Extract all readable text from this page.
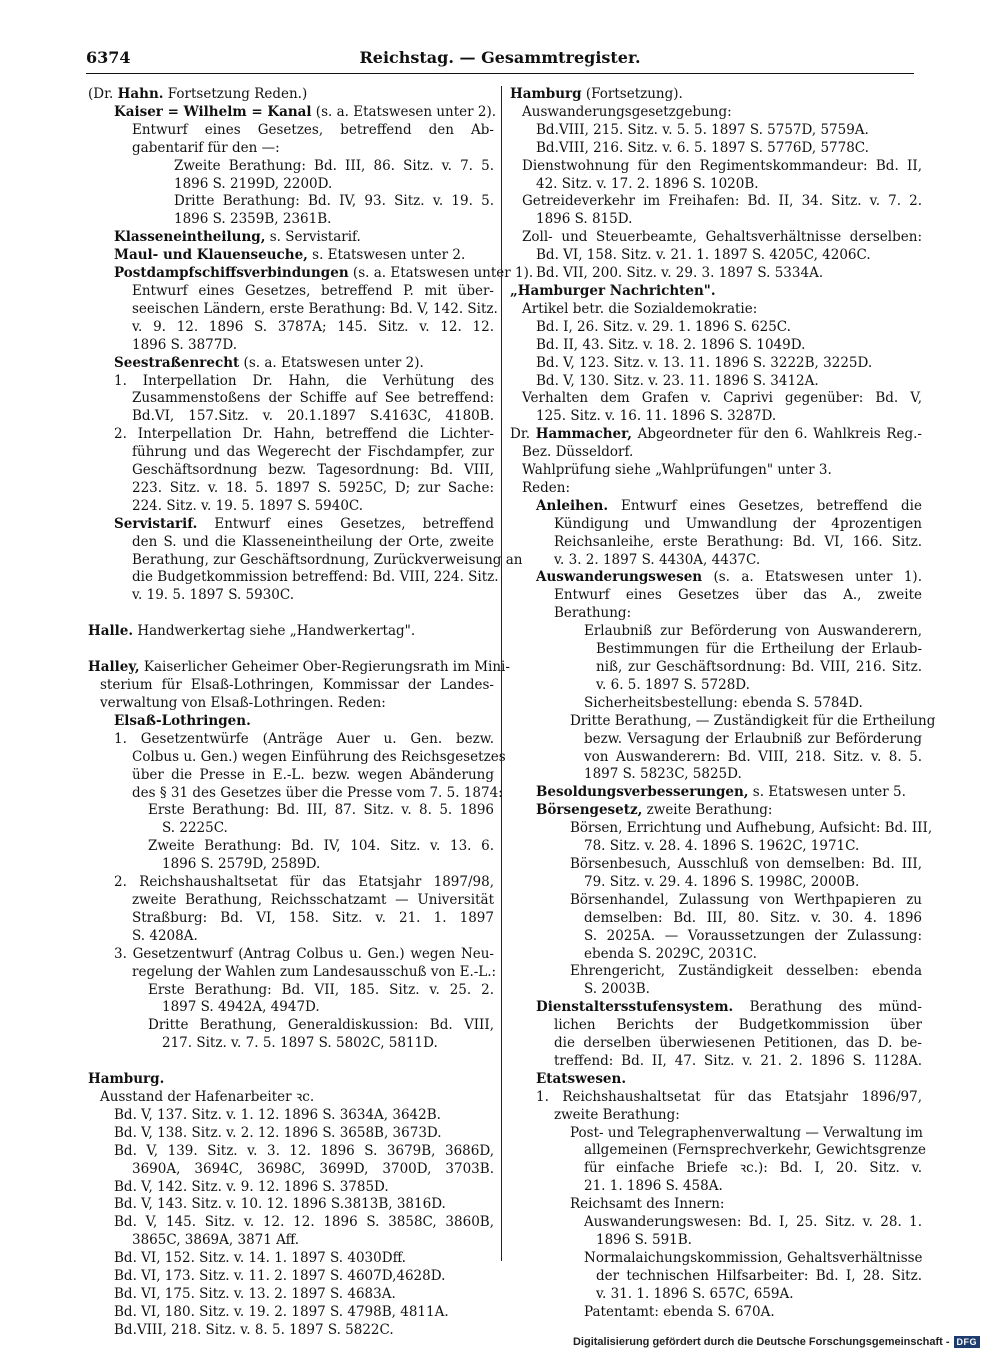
6374	Reichstag. — Gesammtregister.
(Dr. Hahn. Fortsetzung Reden.)
Kaiser = Wilhelm = Kanal (s. a. Etatswesen unter 2).
Entwurf eines Gesetzes, betreffend den Ab-
gabentarif für den —:
Zweite Berathung: Bd. III, 86. Sitz. v. 7. 5.
1896 S. 2199D, 2200D.
Dritte Berathung: Bd. IV, 93. Sitz. v. 19. 5.
1896 S. 2359B, 2361B.
Klasseneintheilung, s. Servistarif.
Maul- und Klauenseuche, s. Etatswesen unter 2.
Postdampfschiffsverbindungen (s. a. Etatswesen unter 1).
Entwurf eines Gesetzes, betreffend P. mit über-
seeischen Ländern, erste Berathung: Bd. V, 142. Sitz.
v. 9. 12. 1896 S. 3787A; 145. Sitz. v. 12. 12.
1896 S. 3877D.
Seestraßenrecht (s. a. Etatswesen unter 2).
1. Interpellation Dr. Hahn, die Verhütung des
Zusammenstoßens der Schiffe auf See betreffend:
Bd.VI, 157.Sitz. v. 20.1.1897 S.4163C, 4180B.
2. Interpellation Dr. Hahn, betreffend die Lichter-
führung und das Wegerecht der Fischdampfer, zur
Geschäftsordnung bezw. Tagesordnung: Bd. VIII,
223. Sitz. v. 18. 5. 1897 S. 5925C, D; zur Sache:
224. Sitz. v. 19. 5. 1897 S. 5940C.
Servistarif. Entwurf eines Gesetzes, betreffend
den S. und die Klasseneintheilung der Orte, zweite
Berathung, zur Geschäftsordnung, Zurückverweisung an
die Budgetkommission betreffend: Bd. VIII, 224. Sitz.
v. 19. 5. 1897 S. 5930C.
Halle. Handwerkertag siehe „Handwerkertag".
Halley, Kaiserlicher Geheimer Ober-Regierungsrath im Mini-
sterium für Elsaß-Lothringen, Kommissar der Landes-
verwaltung von Elsaß-Lothringen. Reden:
Elsaß-Lothringen.
1. Gesetzentwürfe (Anträge Auer u. Gen. bezw.
Colbus u. Gen.) wegen Einführung des Reichsgesetzes
über die Presse in E.-L. bezw. wegen Abänderung
des § 31 des Gesetzes über die Presse vom 7. 5. 1874:
Erste Berathung: Bd. III, 87. Sitz. v. 8. 5. 1896
S. 2225C.
Zweite Berathung: Bd. IV, 104. Sitz. v. 13. 6.
1896 S. 2579D, 2589D.
2. Reichshaushaltsetat für das Etatsjahr 1897/98,
zweite Berathung, Reichsschatzamt — Universität
Straßburg: Bd. VI, 158. Sitz. v. 21. 1. 1897
S. 4208A.
3. Gesetzentwurf (Antrag Colbus u. Gen.) wegen Neu-
regelung der Wahlen zum Landesausschuß von E.-L.:
Erste Berathung: Bd. VII, 185. Sitz. v. 25. 2.
1897 S. 4942A, 4947D.
Dritte Berathung, Generaldiskussion: Bd. VIII,
217. Sitz. v. 7. 5. 1897 S. 5802C, 5811D.
Hamburg.
Ausstand der Hafenarbeiter ꝛc.
Bd. V, 137. Sitz. v. 1. 12. 1896 S. 3634A, 3642B.
Bd. V, 138. Sitz. v. 2. 12. 1896 S. 3658B, 3673D.
Bd. V, 139. Sitz. v. 3. 12. 1896 S. 3679B, 3686D,
3690A, 3694C, 3698C, 3699D, 3700D, 3703B.
Bd. V, 142. Sitz. v. 9. 12. 1896 S. 3785D.
Bd. V, 143. Sitz. v. 10. 12. 1896 S.3813B, 3816D.
Bd. V, 145. Sitz. v. 12. 12. 1896 S. 3858C, 3860B,
3865C, 3869A, 3871 Aff.
Bd. VI, 152. Sitz. v. 14. 1. 1897 S. 4030Dff.
Bd. VI, 173. Sitz. v. 11. 2. 1897 S. 4607D,4628D.
Bd. VI, 175. Sitz. v. 13. 2. 1897 S. 4683A.
Bd. VI, 180. Sitz. v. 19. 2. 1897 S. 4798B, 4811A.
Bd.VIII, 218. Sitz. v. 8. 5. 1897 S. 5822C.
Hamburg (Fortsetzung).
Auswanderungsgesetzgebung:
Bd.VIII, 215. Sitz. v. 5. 5. 1897 S. 5757D, 5759A.
Bd.VIII, 216. Sitz. v. 6. 5. 1897 S. 5776D, 5778C.
Dienstwohnung für den Regimentskommandeur: Bd. II,
42. Sitz. v. 17. 2. 1896 S. 1020B.
Getreideverkehr im Freihafen: Bd. II, 34. Sitz. v. 7. 2.
1896 S. 815D.
Zoll- und Steuerbeamte, Gehaltsverhältnisse derselben:
Bd. VI, 158. Sitz. v. 21. 1. 1897 S. 4205C, 4206C.
Bd. VII, 200. Sitz. v. 29. 3. 1897 S. 5334A.
„Hamburger Nachrichten".
Artikel betr. die Sozialdemokratie:
Bd. I, 26. Sitz. v. 29. 1. 1896 S. 625C.
Bd. II, 43. Sitz. v. 18. 2. 1896 S. 1049D.
Bd. V, 123. Sitz. v. 13. 11. 1896 S. 3222B, 3225D.
Bd. V, 130. Sitz. v. 23. 11. 1896 S. 3412A.
Verhalten dem Grafen v. Caprivi gegenüber: Bd. V,
125. Sitz. v. 16. 11. 1896 S. 3287D.
Dr. Hammacher, Abgeordneter für den 6. Wahlkreis Reg.-
Bez. Düsseldorf.
Wahlprüfung siehe „Wahlprüfungen" unter 3.
Reden:
Anleihen. Entwurf eines Gesetzes, betreffend die
Kündigung und Umwandlung der 4prozentigen
Reichsanleihe, erste Berathung: Bd. VI, 166. Sitz.
v. 3. 2. 1897 S. 4430A, 4437C.
Auswanderungswesen (s. a. Etatswesen unter 1).
Entwurf eines Gesetzes über das A., zweite
Berathung:
Erlaubniß zur Beförderung von Auswanderern,
Bestimmungen für die Ertheilung der Erlaub-
niß, zur Geschäftsordnung: Bd. VIII, 216. Sitz.
v. 6. 5. 1897 S. 5728D.
Sicherheitsbestellung: ebenda S. 5784D.
Dritte Berathung, — Zuständigkeit für die Ertheilung
bezw. Versagung der Erlaubniß zur Beförderung
von Auswanderern: Bd. VIII, 218. Sitz. v. 8. 5.
1897 S. 5823C, 5825D.
Besoldungsverbesserungen, s. Etatswesen unter 5.
Börsengesetz, zweite Berathung:
Börsen, Errichtung und Aufhebung, Aufsicht: Bd. III,
78. Sitz. v. 28. 4. 1896 S. 1962C, 1971C.
Börsenbesuch, Ausschluß von demselben: Bd. III,
79. Sitz. v. 29. 4. 1896 S. 1998C, 2000B.
Börsenhandel, Zulassung von Werthpapieren zu
demselben: Bd. III, 80. Sitz. v. 30. 4. 1896
S. 2025A. — Voraussetzungen der Zulassung:
ebenda S. 2029C, 2031C.
Ehrengericht, Zuständigkeit desselben: ebenda
S. 2003B.
Dienstaltersstufensystem. Berathung des münd-
lichen Berichts der Budgetkommission über
die derselben überwiesenen Petitionen, das D. be-
treffend: Bd. II, 47. Sitz. v. 21. 2. 1896 S. 1128A.
Etatswesen.
1. Reichshaushaltsetat für das Etatsjahr 1896/97,
zweite Berathung:
Post- und Telegraphenverwaltung — Verwaltung im
allgemeinen (Fernsprechverkehr, Gewichtsgrenze
für einfache Briefe ꝛc.): Bd. I, 20. Sitz. v.
21. 1. 1896 S. 458A.
Reichsamt des Innern:
Auswanderungswesen: Bd. I, 25. Sitz. v. 28. 1.
1896 S. 591B.
Normalaichungskommission, Gehaltsverhältnisse
der technischen Hilfsarbeiter: Bd. I, 28. Sitz.
v. 31. 1. 1896 S. 657C, 659A.
Patentamt: ebenda S. 670A.
Digitalisierung gefördert durch die Deutsche Forschungsgemeinschaft - DFG
